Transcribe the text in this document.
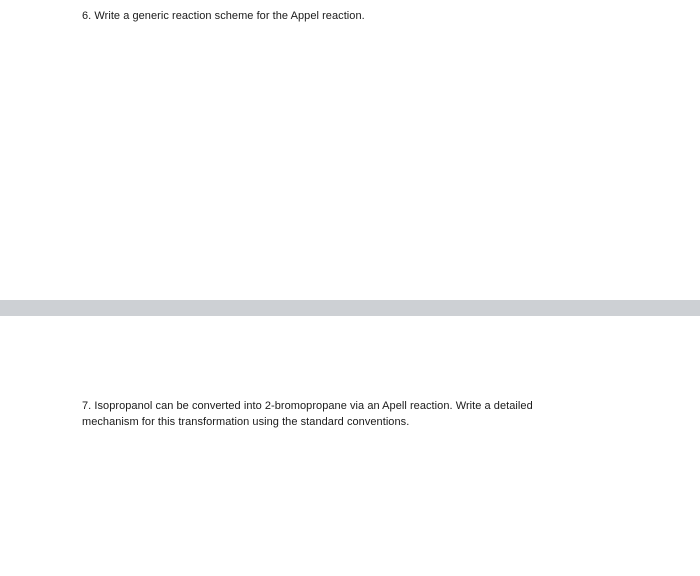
6. Write a generic reaction scheme for the Appel reaction.

7. Isopropanol can be converted into 2-bromopropane via an Apell reaction. Write a detailed mechanism for this transformation using the standard conventions.
